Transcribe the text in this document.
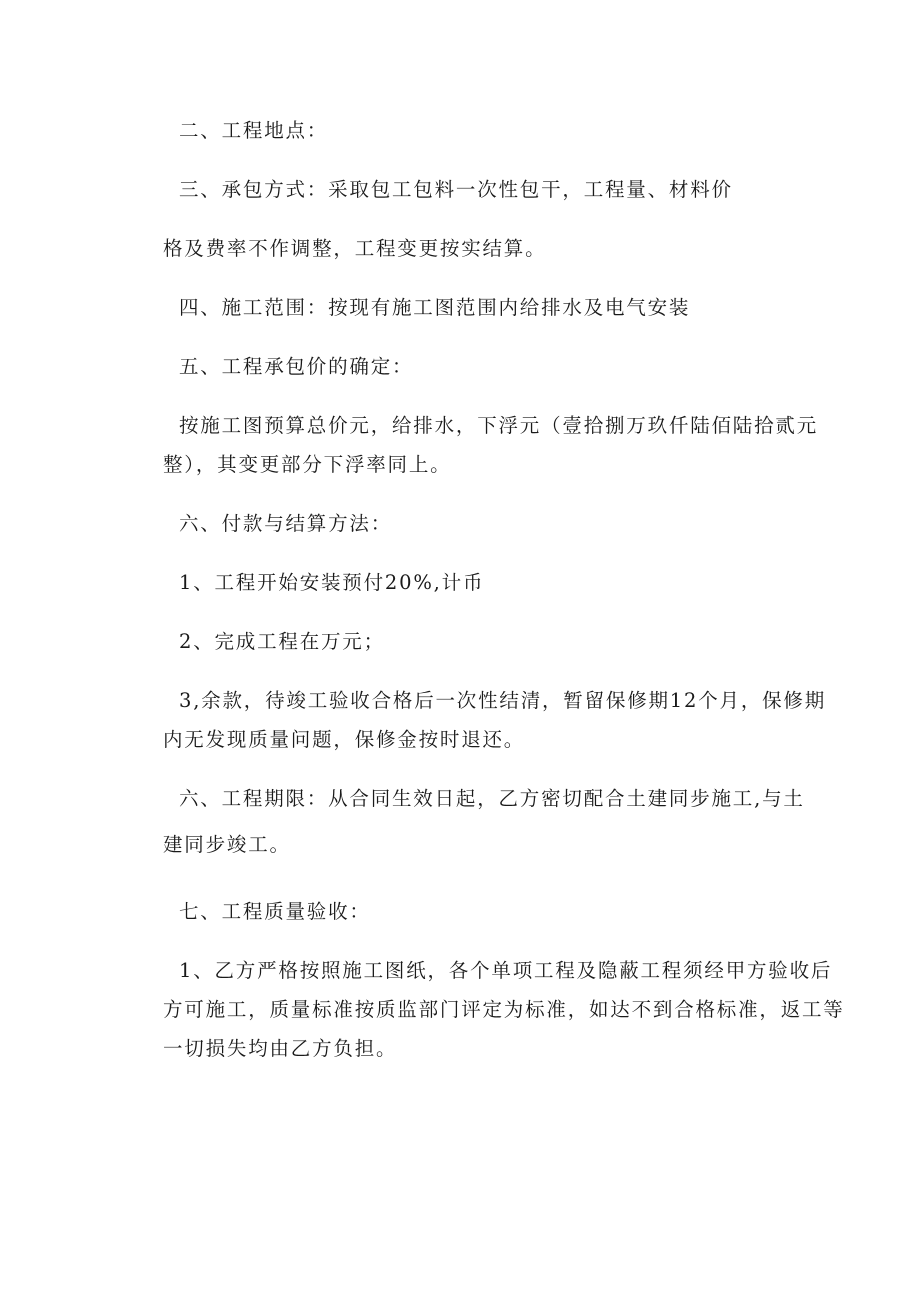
二、工程地点：

三、承包方式：采取包工包料一次性包干，工程量、材料价
格及费率不作调整，工程变更按实结算。

四、施工范围：按现有施工图范围内给排水及电气安装

五、工程承包价的确定：

按施工图预算总价元，给排水，下浮元（壹拾捌万玖仟陆佰陆拾贰元
整），其变更部分下浮率同上。

六、付款与结算方法：

1、工程开始安装预付20%,计币

2、完成工程在万元；

3,余款，待竣工验收合格后一次性结清，暂留保修期12个月，保修期
内无发现质量问题，保修金按时退还。

六、工程期限：从合同生效日起，乙方密切配合土建同步施工,与土
建同步竣工。

七、工程质量验收：

1、乙方严格按照施工图纸，各个单项工程及隐蔽工程须经甲方验收后
方可施工，质量标准按质监部门评定为标准，如达不到合格标准，返工等
一切损失均由乙方负担。
